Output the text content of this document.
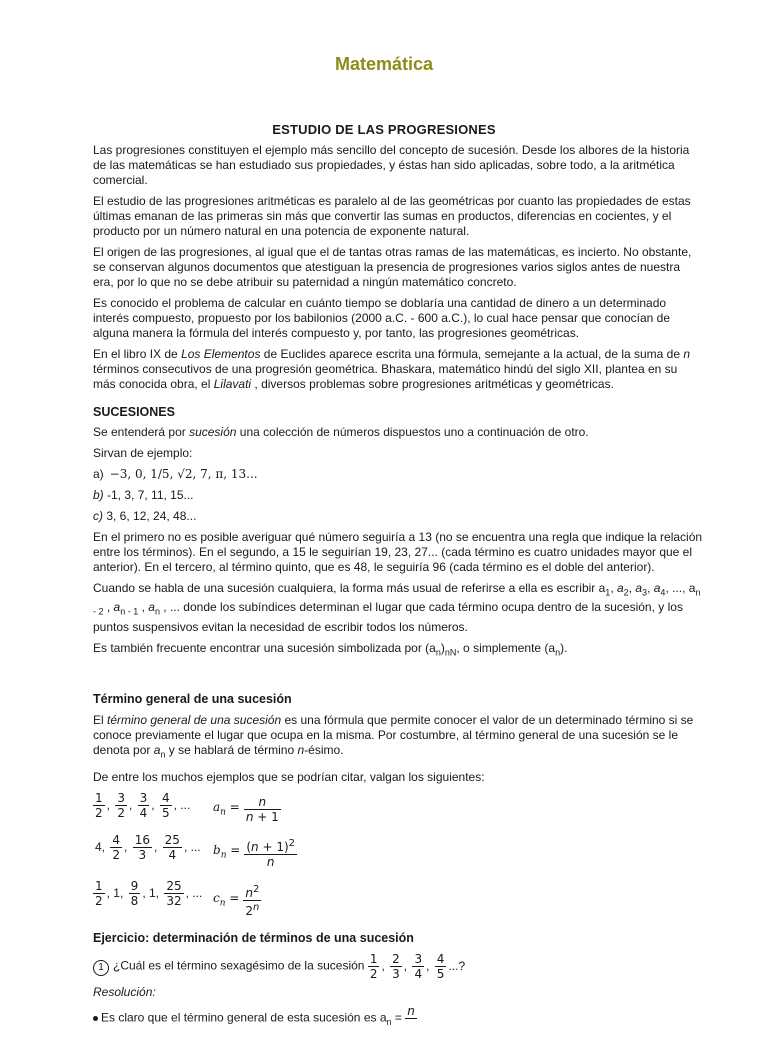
Matemática
ESTUDIO DE LAS PROGRESIONES

Las progresiones constituyen el ejemplo más sencillo del concepto de sucesión. Desde los albores de la historia de las matemáticas se han estudiado sus propiedades, y éstas han sido aplicadas, sobre todo, a la aritmética comercial.

El estudio de las progresiones aritméticas es paralelo al de las geométricas por cuanto las propiedades de estas últimas emanan de las primeras sin más que convertir las sumas en productos, diferencias en cocientes, y el producto por un número natural en una potencia de exponente natural.

El origen de las progresiones, al igual que el de tantas otras ramas de las matemáticas, es incierto. No obstante, se conservan algunos documentos que atestiguan la presencia de progresiones varios siglos antes de nuestra era, por lo que no se debe atribuir su paternidad a ningún matemático concreto.

Es conocido el problema de calcular en cuánto tiempo se doblaría una cantidad de dinero a un determinado interés compuesto, propuesto por los babilonios (2000 a.C. - 600 a.C.), lo cual hace pensar que conocían de alguna manera la fórmula del interés compuesto y, por tanto, las progresiones geométricas.

En el libro IX de Los Elementos de Euclides aparece escrita una fórmula, semejante a la actual, de la suma de n términos consecutivos de una progresión geométrica. Bhaskara, matemático hindú del siglo XII, plantea en su más conocida obra, el Lilavati , diversos problemas sobre progresiones aritméticas y geométricas.

SUCESIONES

Se entenderá por sucesión una colección de números dispuestos uno a continuación de otro.

Sirvan de ejemplo:

a) −3, 0, 1/5, √2, 7, π, 13...

b) -1, 3, 7, 11, 15...

c) 3, 6, 12, 24, 48...

En el primero no es posible averiguar qué número seguiría a 13 (no se encuentra una regla que indique la relación entre los términos). En el segundo, a 15 le seguirían 19, 23, 27... (cada término es cuatro unidades mayor que el anterior). En el tercero, al término quinto, que es 48, le seguiría 96 (cada término es el doble del anterior).

Cuando se habla de una sucesión cualquiera, la forma más usual de referirse a ella es escribir $a_1$, $a_2$, $a_3$, $a_4$, ..., $a_{n - 2}$ , $a_{n - 1}$ , $a_n$ , ... donde los subíndices determinan el lugar que cada término ocupa dentro de la sucesión, y los puntos suspensivos evitan la necesidad de escribir todos los números.

Es también frecuente encontrar una sucesión simbolizada por $(a_n)_{nN}$, o simplemente $(a_n)$.

Término general de una sucesión

El término general de una sucesión es una fórmula que permite conocer el valor de un determinado término si se conoce previamente el lugar que ocupa en la misma. Por costumbre, al término general de una sucesión se le denota por $a_n$ y se hablará de término n-ésimo.

De entre los muchos ejemplos que se podrían citar, valgan los siguientes:

$\frac{1}{2}$ , $\frac{3}{2}$ , $\frac{3}{4}$ , $\frac{4}{5}$ , ... $a_n = \frac{n}{n + 1}$
4, $\frac{4}{2}$ , $\frac{16}{3}$ , $\frac{25}{4}$ , ... $b_n = \frac{(n + 1)^2}{n}$
$\frac{1}{2}$ , 1, $\frac{9}{8}$ , 1, $\frac{25}{32}$ , ... $c_n = \frac{n^2}{2^n}$

Ejercicio: determinación de términos de una sucesión

1 ¿Cuál es el término sexagésimo de la sucesión $\frac{1}{2}$ , $\frac{2}{3}$ , $\frac{3}{4}$ , $\frac{4}{5}$ ...?

Resolución:

Es claro que el término general de esta sucesión es $a_n = n$
